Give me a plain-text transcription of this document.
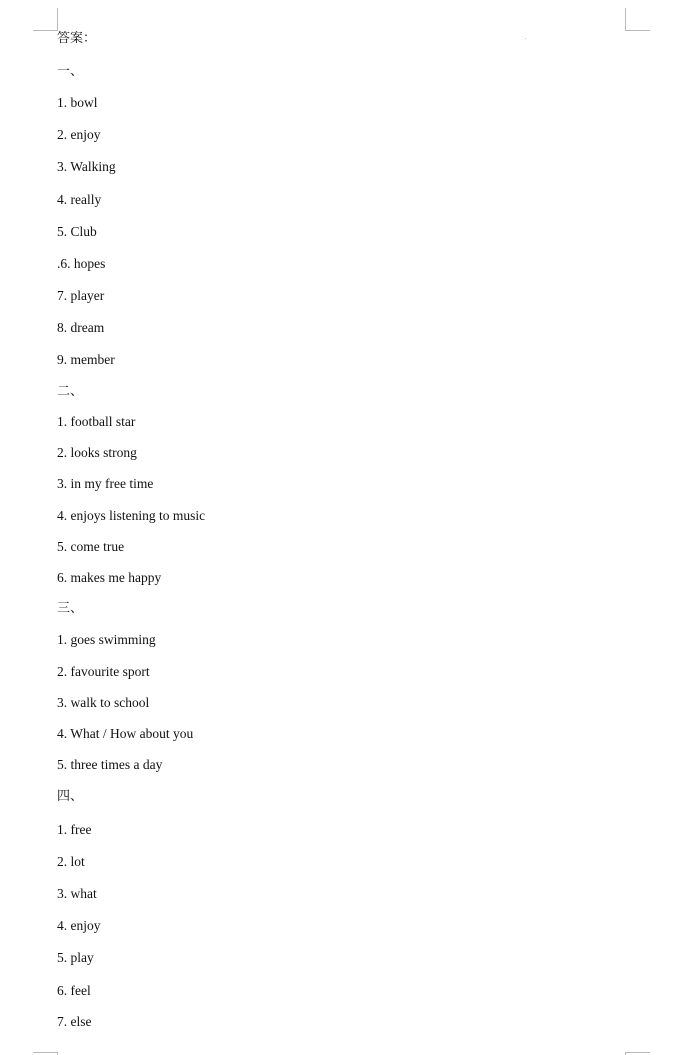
答案：
一、
1. bowl
2. enjoy
3. Walking
4. really
5. Club
.6. hopes
7. player
8. dream
9. member
二、
1. football star
2. looks strong
3. in my free time
4. enjoys listening to music
5. come true
6. makes me happy
三、
1. goes swimming
2. favourite sport
3. walk to school
4. What / How about you
5. three times a day
四、
1. free
2. lot
3. what
4. enjoy
5. play
6. feel
7. else
